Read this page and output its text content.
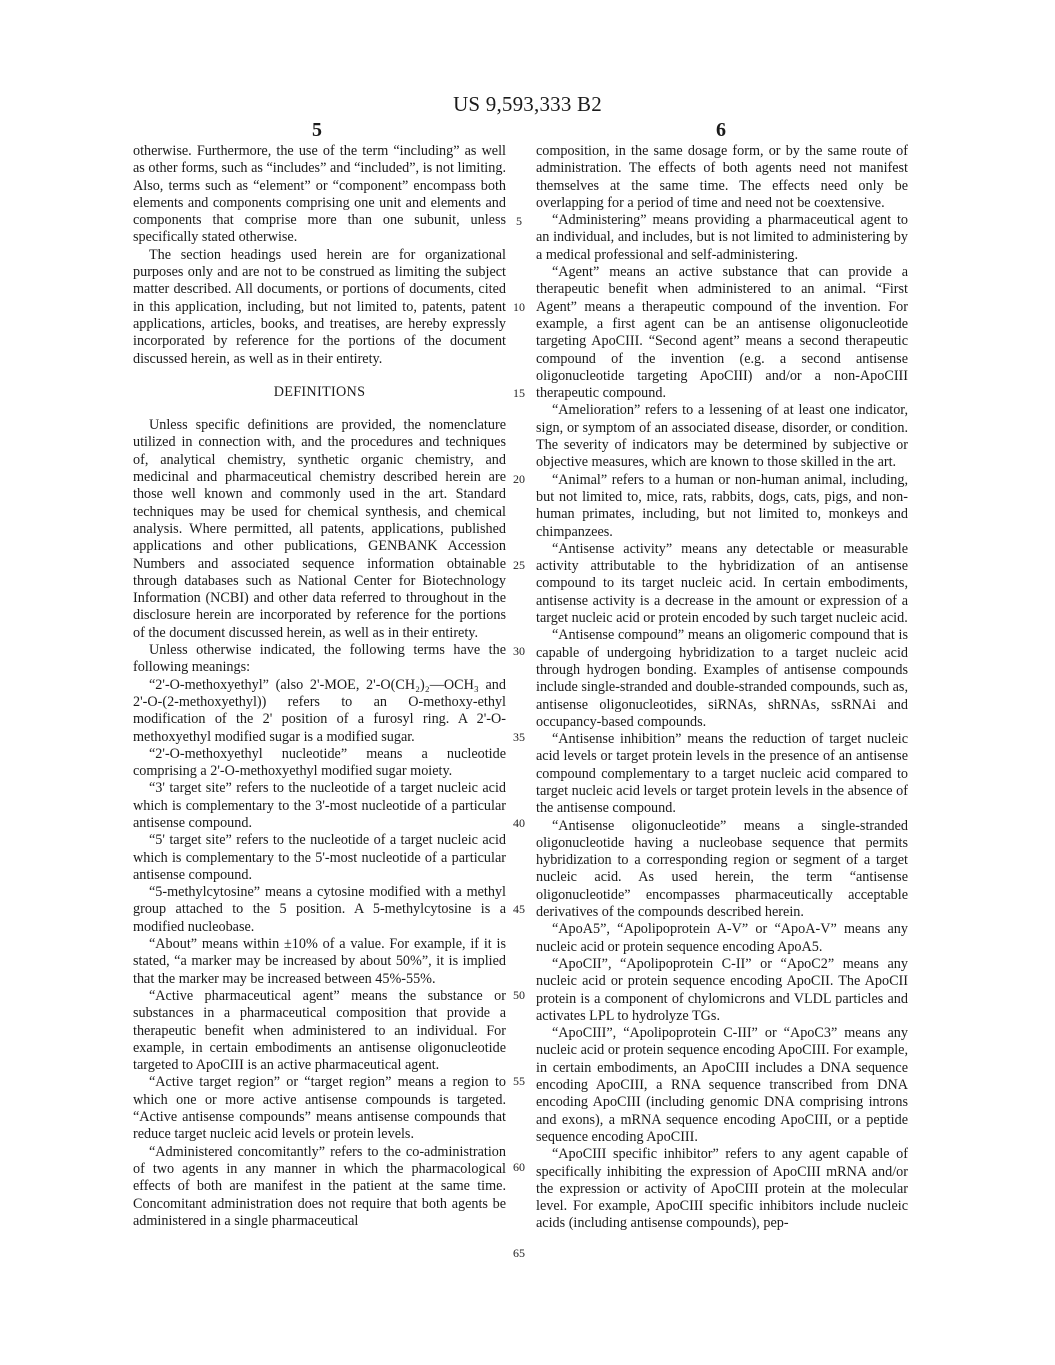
US 9,593,333 B2
5	6

otherwise. Furthermore, the use of the term “including” as well as other forms, such as “includes” and “included”, is not limiting. Also, terms such as “element” or “component” encompass both elements and components comprising one unit and elements and components that comprise more than one subunit, unless specifically stated otherwise.

The section headings used herein are for organizational purposes only and are not to be construed as limiting the subject matter described. All documents, or portions of documents, cited in this application, including, but not limited to, patents, patent applications, articles, books, and treatises, are hereby expressly incorporated by reference for the portions of the document discussed herein, as well as in their entirety.

DEFINITIONS

Unless specific definitions are provided, the nomenclature utilized in connection with, and the procedures and techniques of, analytical chemistry, synthetic organic chemistry, and medicinal and pharmaceutical chemistry described herein are those well known and commonly used in the art. Standard techniques may be used for chemical synthesis, and chemical analysis. Where permitted, all patents, applications, published applications and other publications, GENBANK Accession Numbers and associated sequence information obtainable through databases such as National Center for Biotechnology Information (NCBI) and other data referred to throughout in the disclosure herein are incorporated by reference for the portions of the document discussed herein, as well as in their entirety.

Unless otherwise indicated, the following terms have the following meanings:

“2'-O-methoxyethyl” (also 2'-MOE, 2'-O(CH₂)₂—OCH₃ and 2'-O-(2-methoxyethyl)) refers to an O-methoxy-ethyl modification of the 2' position of a furosyl ring. A 2'-O-methoxyethyl modified sugar is a modified sugar.

“2'-O-methoxyethyl nucleotide” means a nucleotide comprising a 2'-O-methoxyethyl modified sugar moiety.

“3' target site” refers to the nucleotide of a target nucleic acid which is complementary to the 3'-most nucleotide of a particular antisense compound.

“5' target site” refers to the nucleotide of a target nucleic acid which is complementary to the 5'-most nucleotide of a particular antisense compound.

“5-methylcytosine” means a cytosine modified with a methyl group attached to the 5 position. A 5-methylcytosine is a modified nucleobase.

“About” means within ±10% of a value. For example, if it is stated, “a marker may be increased by about 50%”, it is implied that the marker may be increased between 45%-55%.

“Active pharmaceutical agent” means the substance or substances in a pharmaceutical composition that provide a therapeutic benefit when administered to an individual. For example, in certain embodiments an antisense oligonucleotide targeted to ApoCIII is an active pharmaceutical agent.

“Active target region” or “target region” means a region to which one or more active antisense compounds is targeted. “Active antisense compounds” means antisense compounds that reduce target nucleic acid levels or protein levels.

“Administered concomitantly” refers to the co-administration of two agents in any manner in which the pharmacological effects of both are manifest in the patient at the same time. Concomitant administration does not require that both agents be administered in a single pharmaceutical

5
10
15
20
25
30
35
40
45
50
55
60
65

composition, in the same dosage form, or by the same route of administration. The effects of both agents need not manifest themselves at the same time. The effects need only be overlapping for a period of time and need not be coextensive.

“Administering” means providing a pharmaceutical agent to an individual, and includes, but is not limited to administering by a medical professional and self-administering.

“Agent” means an active substance that can provide a therapeutic benefit when administered to an animal. “First Agent” means a therapeutic compound of the invention. For example, a first agent can be an antisense oligonucleotide targeting ApoCIII. “Second agent” means a second therapeutic compound of the invention (e.g. a second antisense oligonucleotide targeting ApoCIII) and/or a non-ApoCIII therapeutic compound.

“Amelioration” refers to a lessening of at least one indicator, sign, or symptom of an associated disease, disorder, or condition. The severity of indicators may be determined by subjective or objective measures, which are known to those skilled in the art.

“Animal” refers to a human or non-human animal, including, but not limited to, mice, rats, rabbits, dogs, cats, pigs, and non-human primates, including, but not limited to, monkeys and chimpanzees.

“Antisense activity” means any detectable or measurable activity attributable to the hybridization of an antisense compound to its target nucleic acid. In certain embodiments, antisense activity is a decrease in the amount or expression of a target nucleic acid or protein encoded by such target nucleic acid.

“Antisense compound” means an oligomeric compound that is capable of undergoing hybridization to a target nucleic acid through hydrogen bonding. Examples of antisense compounds include single-stranded and double-stranded compounds, such as, antisense oligonucleotides, siRNAs, shRNAs, ssRNAi and occupancy-based compounds.

“Antisense inhibition” means the reduction of target nucleic acid levels or target protein levels in the presence of an antisense compound complementary to a target nucleic acid compared to target nucleic acid levels or target protein levels in the absence of the antisense compound.

“Antisense oligonucleotide” means a single-stranded oligonucleotide having a nucleobase sequence that permits hybridization to a corresponding region or segment of a target nucleic acid. As used herein, the term “antisense oligonucleotide” encompasses pharmaceutically acceptable derivatives of the compounds described herein.

“ApoA5”, “Apolipoprotein A-V” or “ApoA-V” means any nucleic acid or protein sequence encoding ApoA5.

“ApoCII”, “Apolipoprotein C-II” or “ApoC2” means any nucleic acid or protein sequence encoding ApoCII. The ApoCII protein is a component of chylomicrons and VLDL particles and activates LPL to hydrolyze TGs.

“ApoCIII”, “Apolipoprotein C-III” or “ApoC3” means any nucleic acid or protein sequence encoding ApoCIII. For example, in certain embodiments, an ApoCIII includes a DNA sequence encoding ApoCIII, a RNA sequence transcribed from DNA encoding ApoCIII (including genomic DNA comprising introns and exons), a mRNA sequence encoding ApoCIII, or a peptide sequence encoding ApoCIII.

“ApoCIII specific inhibitor” refers to any agent capable of specifically inhibiting the expression of ApoCIII mRNA and/or the expression or activity of ApoCIII protein at the molecular level. For example, ApoCIII specific inhibitors include nucleic acids (including antisense compounds), pep-
